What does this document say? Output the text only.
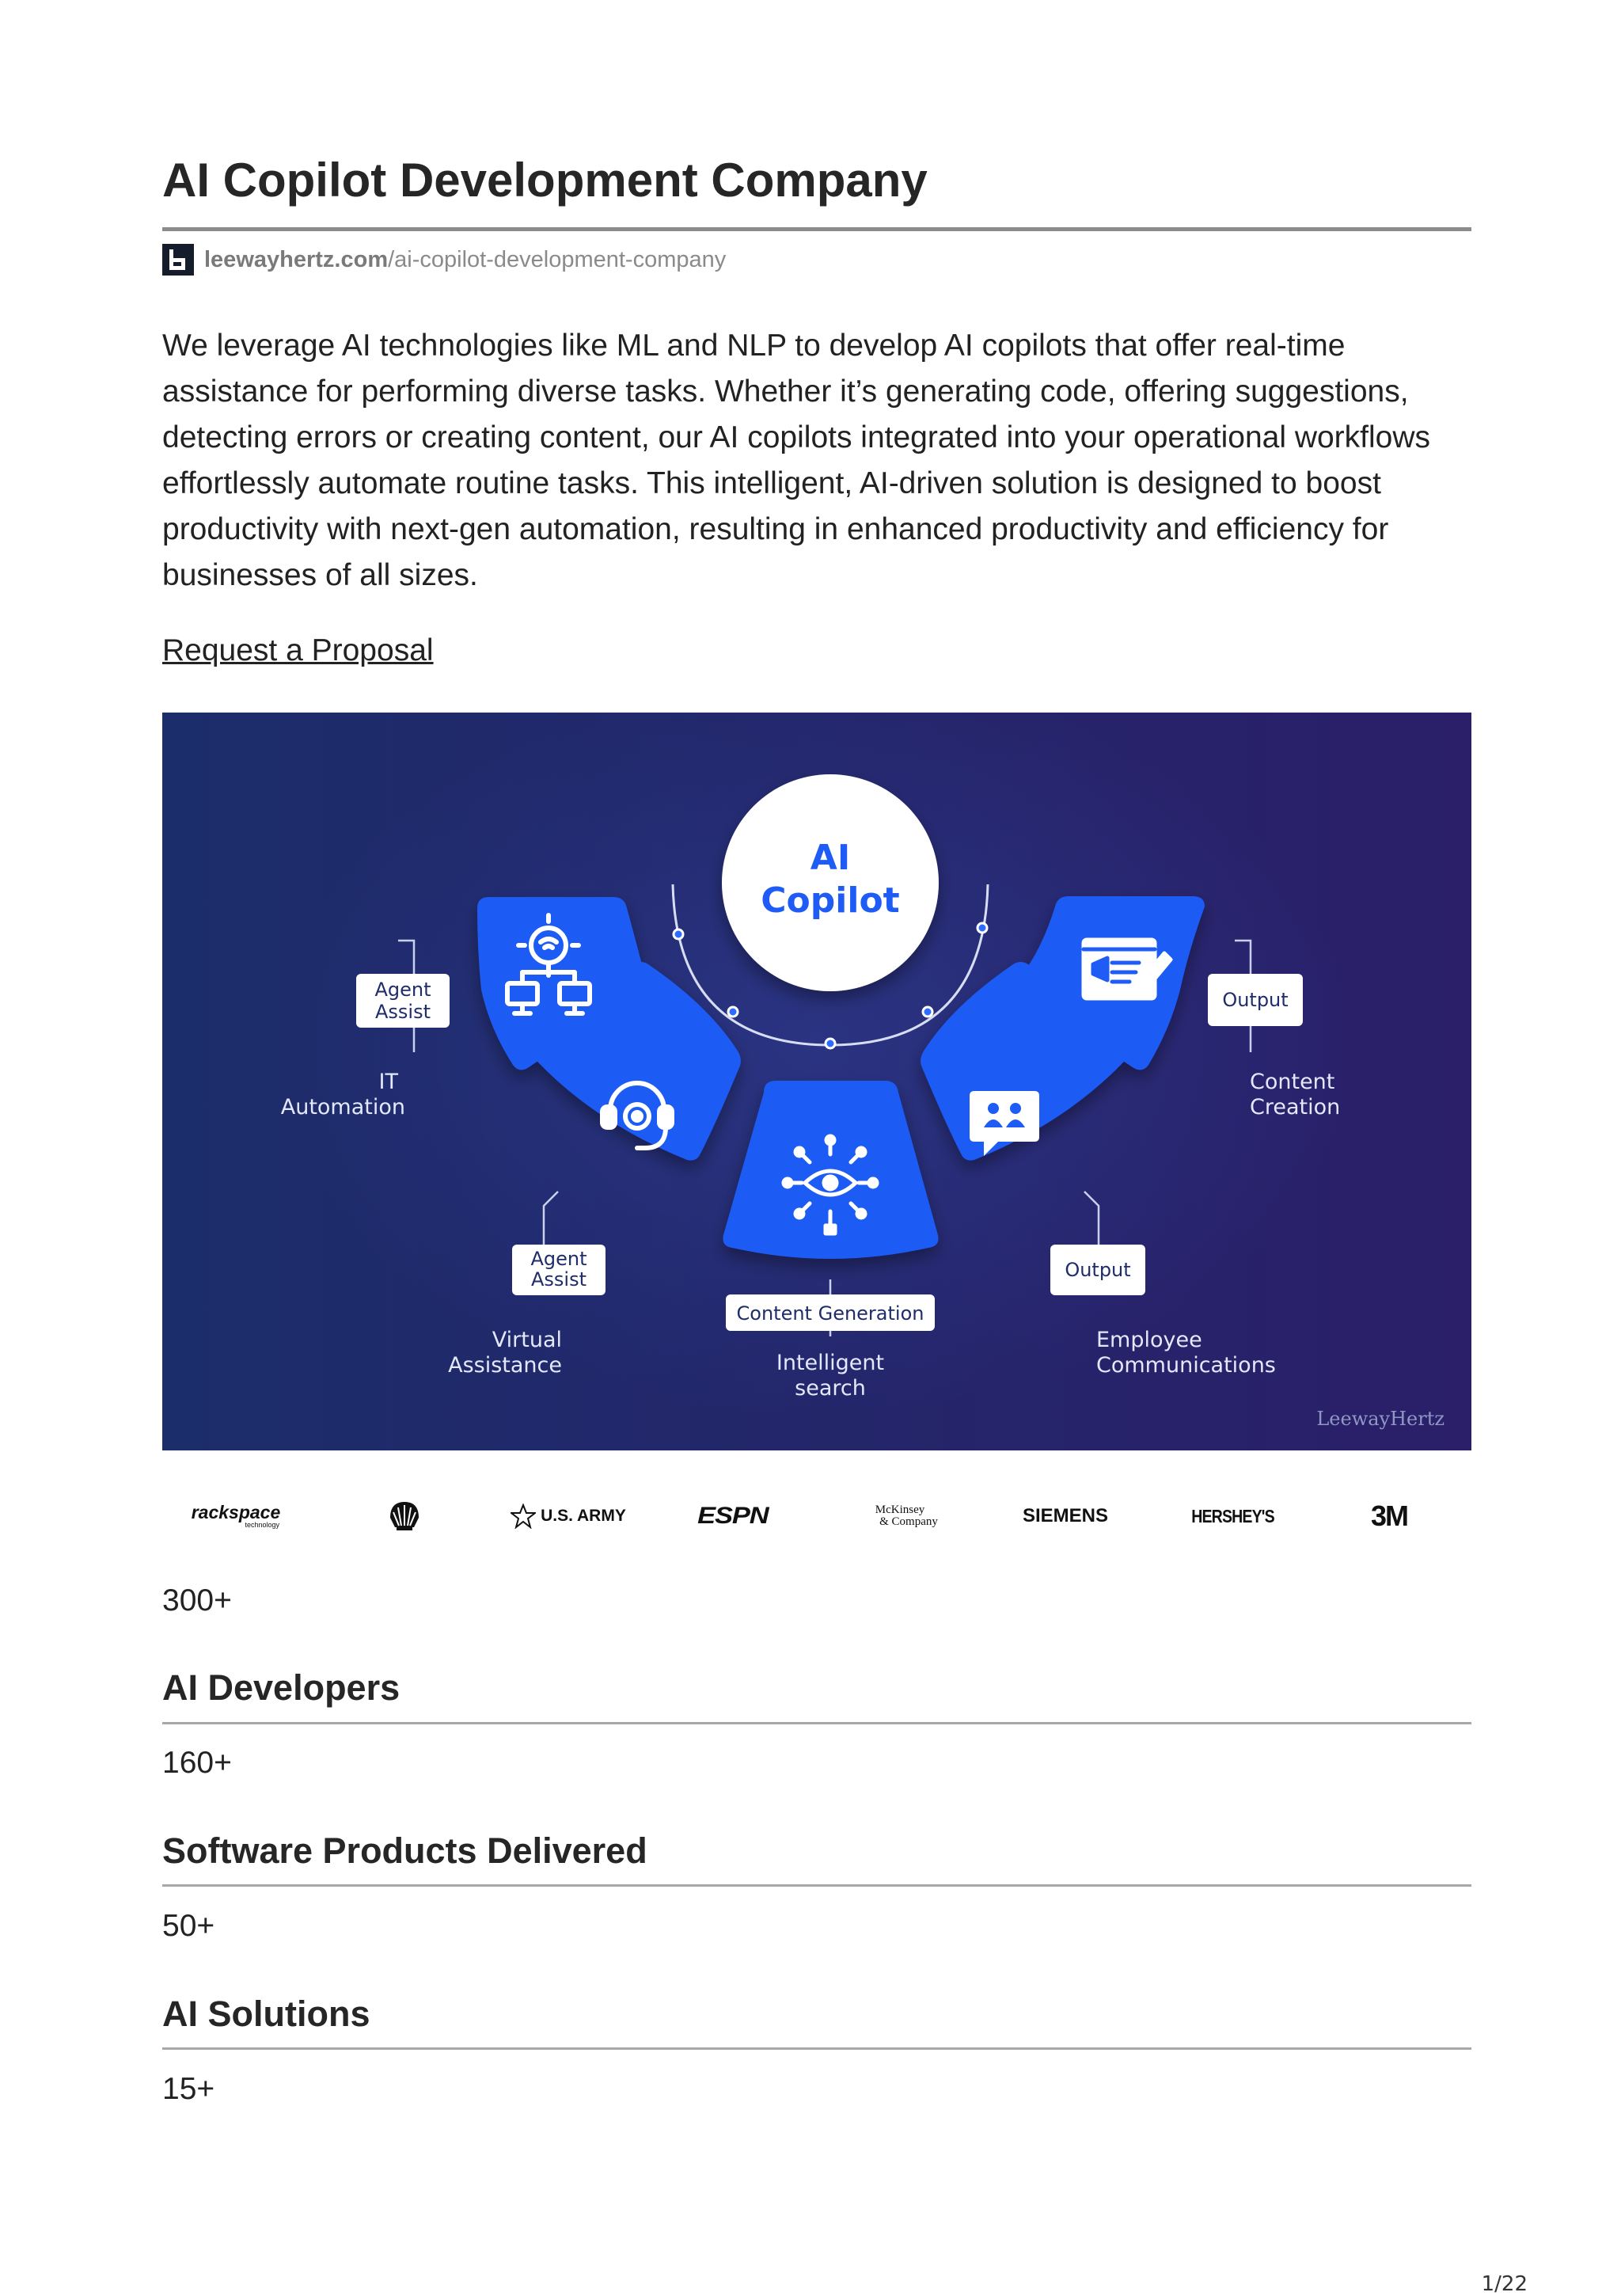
AI Copilot Development Company
leewayhertz.com /ai-copilot-development-company

We leverage AI technologies like ML and NLP to develop AI copilots that offer real-time assistance for performing diverse tasks. Whether it’s generating code, offering suggestions, detecting errors or creating content, our AI copilots integrated into your operational workflows effortlessly automate routine tasks. This intelligent, AI-driven solution is designed to boost productivity with next-gen automation, resulting in enhanced productivity and efficiency for businesses of all sizes.

Request a Proposal
AI
Copilot
Agent
Assist
Agent
Assist
Content Generation
Output
Output
IT
Automation
Virtual
Assistance	Intelligent
search
Employee
Communications
Content
Creation
LeewayHertz
rackspace
technology	U.S. ARMY	ESPN	McKinsey
& Company	SIEMENS	HERSHEY'S	3M
300+
AI Developers
160+
Software Products Delivered
50+
AI Solutions
15+
1/22
